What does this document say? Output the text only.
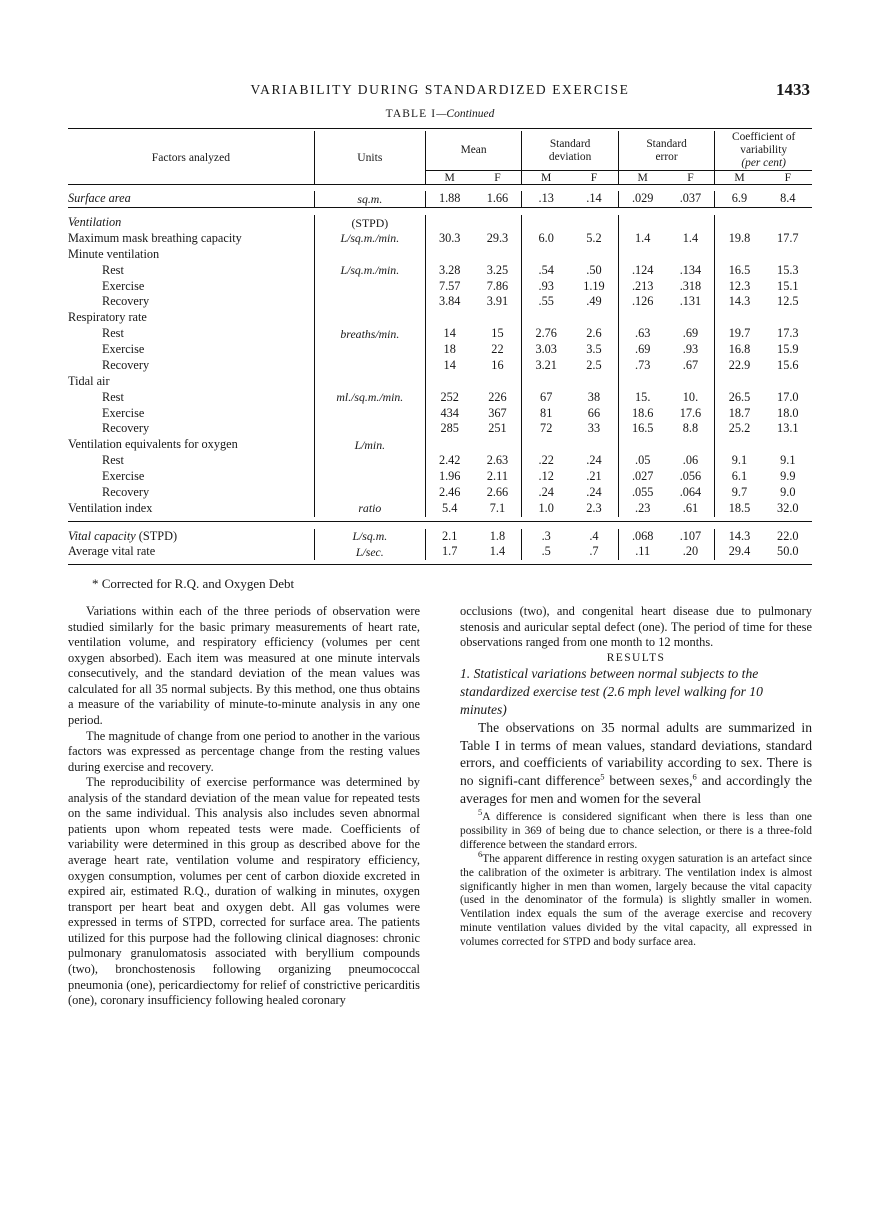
VARIABILITY DURING STANDARDIZED EXERCISE	1433
TABLE I—Continued

Factors analyzed	Units	Mean		Standard
deviation		Standard
error		Coefficient of
variability
(per cent)	
		M	F	M	F	M	F	M	F

Surface area	sq.m.	1.88	1.66	.13	.14	.029	.037	6.9	8.4

Ventilation	(STPD)								
Maximum mask breathing capacity	L/sq.m./min.	30.3	29.3	6.0	5.2	1.4	1.4	19.8	17.7
Minute ventilation									
Rest	L/sq.m./min.	3.28	3.25	.54	.50	.124	.134	16.5	15.3
Exercise		7.57	7.86	.93	1.19	.213	.318	12.3	15.1
Recovery		3.84	3.91	.55	.49	.126	.131	14.3	12.5
Respiratory rate									
Rest	breaths/min.	14	15	2.76	2.6	.63	.69	19.7	17.3
Exercise		18	22	3.03	3.5	.69	.93	16.8	15.9
Recovery		14	16	3.21	2.5	.73	.67	22.9	15.6
Tidal air									
Rest	ml./sq.m./min.	252	226	67	38	15.	10.	26.5	17.0
Exercise		434	367	81	66	18.6	17.6	18.7	18.0
Recovery		285	251	72	33	16.5	8.8	25.2	13.1
Ventilation equivalents for oxygen	L/min.								
Rest		2.42	2.63	.22	.24	.05	.06	9.1	9.1
Exercise		1.96	2.11	.12	.21	.027	.056	6.1	9.9
Recovery		2.46	2.66	.24	.24	.055	.064	9.7	9.0
Ventilation index	ratio	5.4	7.1	1.0	2.3	.23	.61	18.5	32.0

Vital capacity (STPD)	L/sq.m.	2.1	1.8	.3	.4	.068	.107	14.3	22.0
Average vital rate	L/sec.	1.7	1.4	.5	.7	.11	.20	29.4	50.0

* Corrected for R.Q. and Oxygen Debt

Variations within each of the three periods of observation were studied similarly for the basic primary measurements of heart rate, ventilation volume, and respiratory efficiency (volumes per cent oxygen absorbed). Each item was measured at one minute intervals consecutively, and the standard deviation of the mean values was calculated for all 35 normal subjects. By this method, one thus obtains a measure of the variability of minute-to-minute analysis in any one period.

The magnitude of change from one period to another in the various factors was expressed as percentage change from the resting values during exercise and recovery.

The reproducibility of exercise performance was determined by analysis of the standard deviation of the mean value for repeated tests on the same individual. This analysis also includes seven abnormal patients upon whom repeated tests were made. Coefficients of variability were determined in this group as described above for the average heart rate, ventilation volume and respiratory efficiency, oxygen consumption, volumes per cent of carbon dioxide excreted in expired air, estimated R.Q., duration of walking in minutes, oxygen transport per heart beat and oxygen debt. All gas volumes were expressed in terms of STPD, corrected for surface area. The patients utilized for this purpose had the following clinical diagnoses: chronic pulmonary granulomatosis associated with beryllium compounds (two), bronchostenosis following organizing pneumococcal pneumonia (one), pericardiectomy for relief of constrictive pericarditis (one), coronary insufficiency following healed coronary

occlusions (two), and congenital heart disease due to pulmonary stenosis and auricular septal defect (one). The period of time for these observations ranged from one month to 12 months.

RESULTS

1. Statistical variations between normal subjects to the standardized exercise test (2.6 mph level walking for 10 minutes)

The observations on 35 normal adults are summarized in Table I in terms of mean values, standard deviations, standard errors, and coefficients of variability according to sex. There is no signifi-cant difference$^5$ between sexes,$^6$ and accordingly the averages for men and women for the several

$^5$A difference is considered significant when there is less than one possibility in 369 of being due to chance selection, or there is a three-fold difference between the standard errors.

$^6$The apparent difference in resting oxygen saturation is an artefact since the calibration of the oximeter is arbitrary. The ventilation index is almost significantly higher in men than women, largely because the vital capacity (used in the denominator of the formula) is slightly smaller in women. Ventilation index equals the sum of the average exercise and recovery minute ventilation values divided by the vital capacity, all expressed in volumes corrected for STPD and body surface area.
